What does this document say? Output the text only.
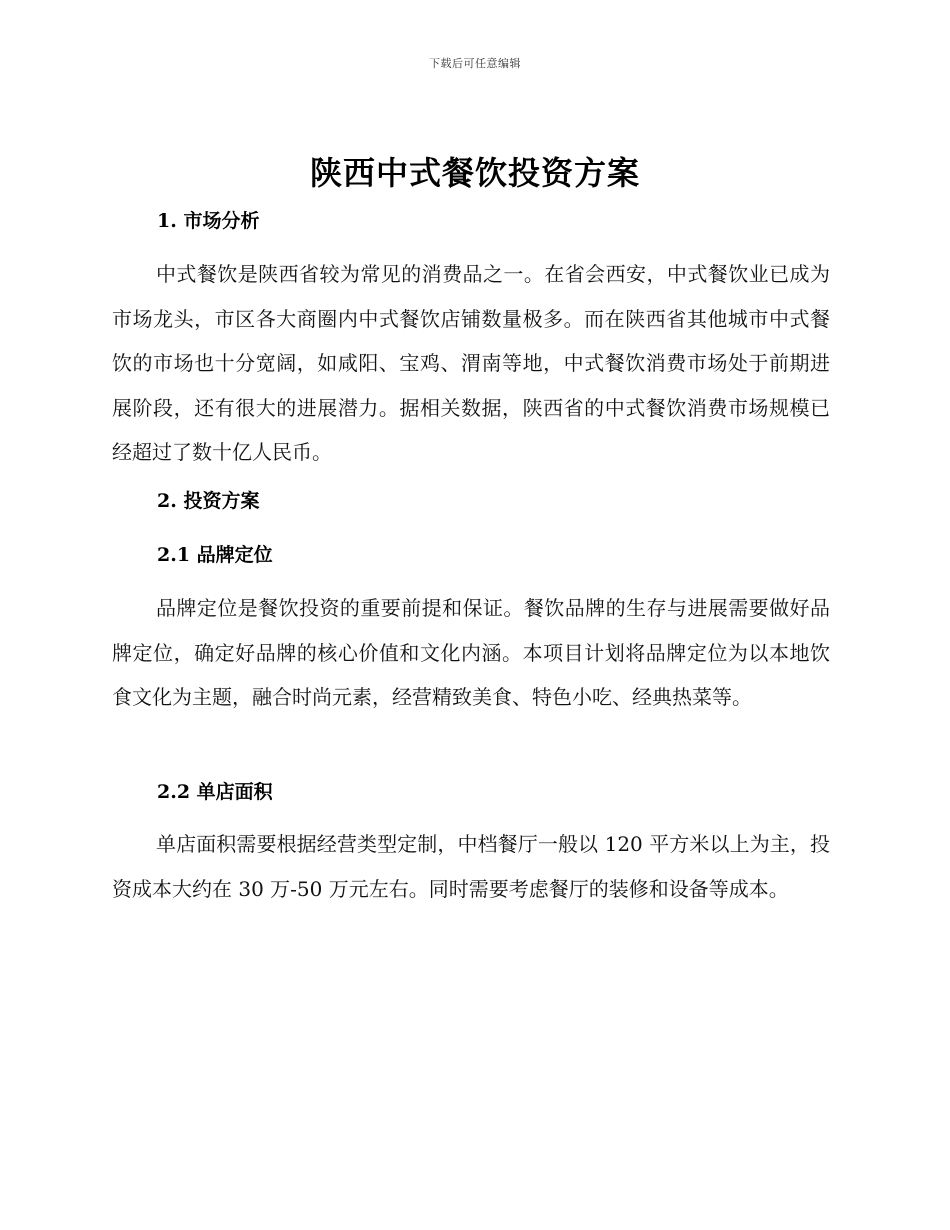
下载后可任意编辑
陕西中式餐饮投资方案
1. 市场分析

中式餐饮是陕西省较为常见的消费品之一。在省会西安，中式餐饮业已成为市场龙头，市区各大商圈内中式餐饮店铺数量极多。而在陕西省其他城市中式餐饮的市场也十分宽阔，如咸阳、宝鸡、渭南等地，中式餐饮消费市场处于前期进展阶段，还有很大的进展潜力。据相关数据，陕西省的中式餐饮消费市场规模已经超过了数十亿人民币。

2. 投资方案
2.1 品牌定位

品牌定位是餐饮投资的重要前提和保证。餐饮品牌的生存与进展需要做好品牌定位，确定好品牌的核心价值和文化内涵。本项目计划将品牌定位为以本地饮食文化为主题，融合时尚元素，经营精致美食、特色小吃、经典热菜等。

2.2 单店面积

单店面积需要根据经营类型定制，中档餐厅一般以 120 平方米以上为主，投资成本大约在 30 万-50 万元左右。同时需要考虑餐厅的装修和设备等成本。
